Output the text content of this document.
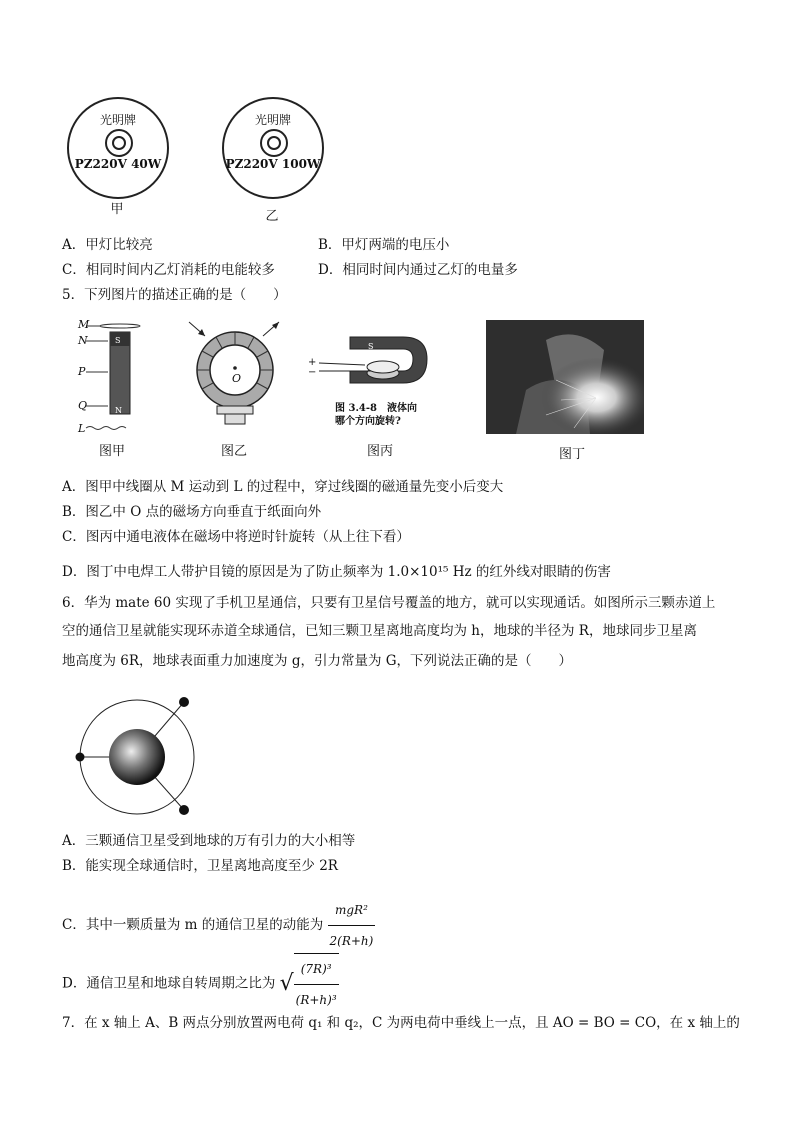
光明牌
PZ220V 40W
甲
光明牌
PZ220V 100W
乙
A．甲灯比较亮	B．甲灯两端的电压小
C．相同时间内乙灯消耗的电能较多	D．相同时间内通过乙灯的电量多
5．下列图片的描述正确的是（　　）
M
N
P
Q
L
S
N
图甲
O
图乙
S
+
−
图 3.4-8　液体向
哪个方向旋转?
图丙	图丁
A．图甲中线圈从 M 运动到 L 的过程中，穿过线圈的磁通量先变小后变大
B．图乙中 O 点的磁场方向垂直于纸面向外
C．图丙中通电液体在磁场中将逆时针旋转（从上往下看）
D．图丁中电焊工人带护目镜的原因是为了防止频率为 1.0×10¹⁵ Hz 的红外线对眼睛的伤害
6．华为 mate 60 实现了手机卫星通信，只要有卫星信号覆盖的地方，就可以实现通话。如图所示三颗赤道上
空的通信卫星就能实现环赤道全球通信，已知三颗卫星离地高度均为 h，地球的半径为 R，地球同步卫星离
地高度为 6R，地球表面重力加速度为 g，引力常量为 G，下列说法正确的是（　　）
A．三颗通信卫星受到地球的万有引力的大小相等
B．能实现全球通信时，卫星离地高度至少 2R
C．其中一颗质量为 m 的通信卫星的动能为 $\frac{\text{mgR²}}{2(R+h)}$
D．通信卫星和地球自转周期之比为 √ $\frac{\text{(7R)³}}{\text{(R+h)³}}$
7．在 x 轴上 A、B 两点分别放置两电荷 q₁ 和 q₂，C 为两电荷中垂线上一点，且 AO = BO = CO，在 x 轴上的
